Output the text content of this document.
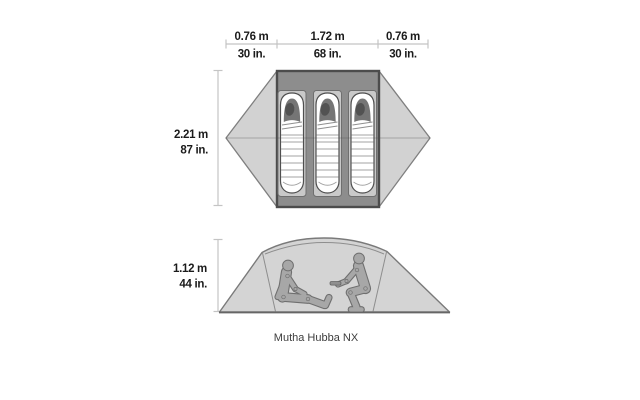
0.76 m
30 in.
1.72 m
68 in.
0.76 m
30 in.
2.21 m
87 in.
1.12 m
44 in.
Mutha Hubba NX
